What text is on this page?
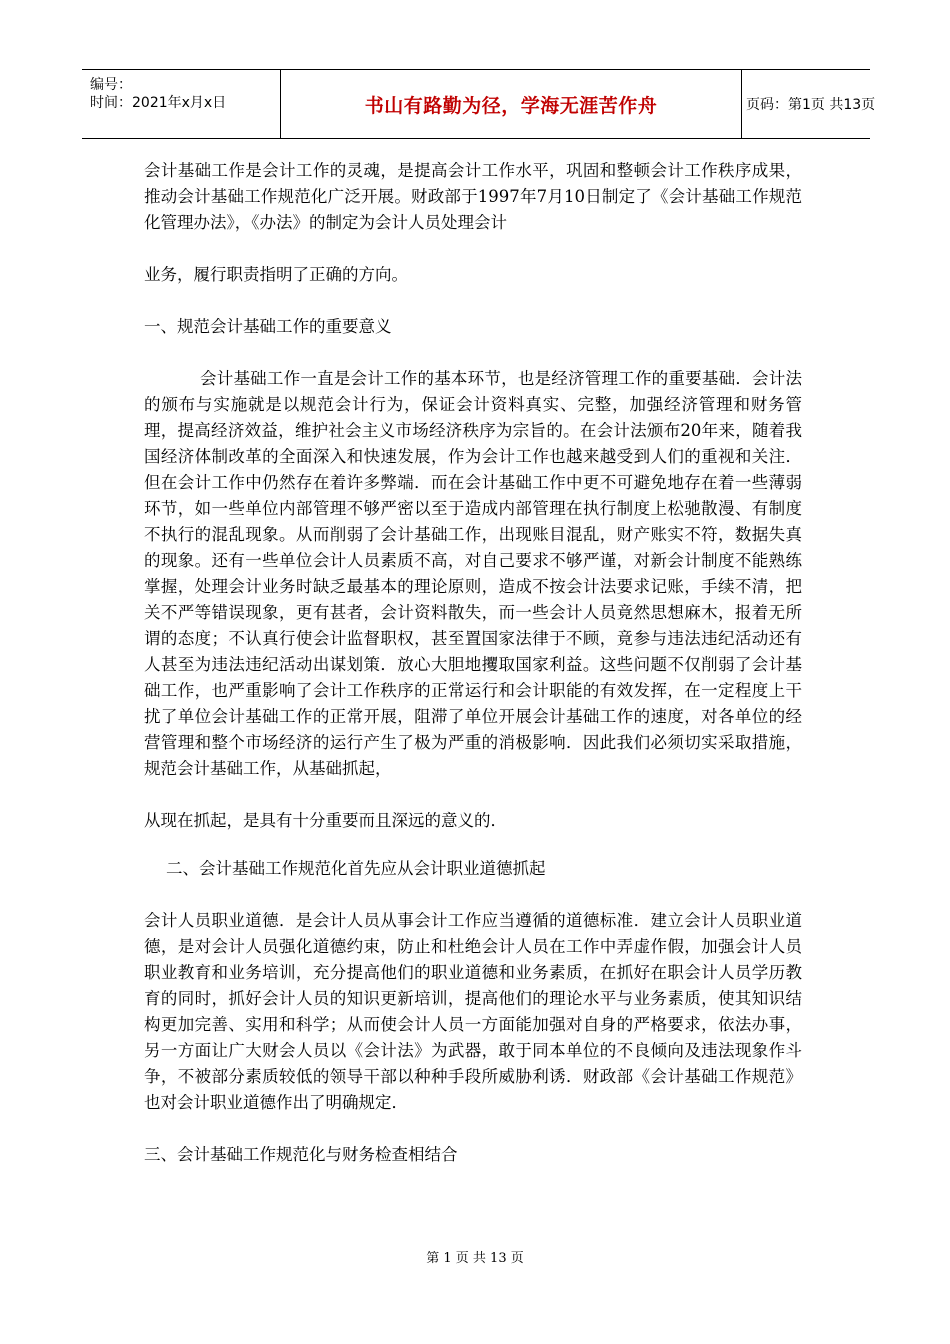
编号：
时间：2021年x月x日	书山有路勤为径，学海无涯苦作舟	页码：第1页 共13页

会计基础工作是会计工作的灵魂，是提高会计工作水平，巩固和整顿会计工作秩序成果，推动会计基础工作规范化广泛开展。财政部于1997年7月10日制定了《会计基础工作规范化管理办法》，《办法》的制定为会计人员处理会计

业务，履行职责指明了正确的方向。

一、规范会计基础工作的重要意义

会计基础工作一直是会计工作的基本环节，也是经济管理工作的重要基础．会计法的颁布与实施就是以规范会计行为，保证会计资料真实、完整，加强经济管理和财务管理，提高经济效益，维护社会主义市场经济秩序为宗旨的。在会计法颁布20年来，随着我国经济体制改革的全面深入和快速发展，作为会计工作也越来越受到人们的重视和关注．但在会计工作中仍然存在着许多弊端．而在会计基础工作中更不可避免地存在着一些薄弱环节，如一些单位内部管理不够严密以至于造成内部管理在执行制度上松驰散漫、有制度不执行的混乱现象。从而削弱了会计基础工作，出现账目混乱，财产账实不符，数据失真的现象。还有一些单位会计人员素质不高，对自己要求不够严谨，对新会计制度不能熟练掌握，处理会计业务时缺乏最基本的理论原则，造成不按会计法要求记账，手续不清，把关不严等错误现象，更有甚者，会计资料散失，而一些会计人员竟然思想麻木，报着无所谓的态度；不认真行使会计监督职权，甚至置国家法律于不顾，竟参与违法违纪活动还有人甚至为违法违纪活动出谋划策．放心大胆地攫取国家利益。这些问题不仅削弱了会计基础工作，也严重影响了会计工作秩序的正常运行和会计职能的有效发挥，在一定程度上干扰了单位会计基础工作的正常开展，阻滞了单位开展会计基础工作的速度，对各单位的经营管理和整个市场经济的运行产生了极为严重的消极影响．因此我们必须切实采取措施，规范会计基础工作，从基础抓起，

从现在抓起，是具有十分重要而且深远的意义的．

二、会计基础工作规范化首先应从会计职业道德抓起

会计人员职业道德．是会计人员从事会计工作应当遵循的道德标准．建立会计人员职业道德，是对会计人员强化道德约束，防止和杜绝会计人员在工作中弄虚作假，加强会计人员职业教育和业务培训，充分提高他们的职业道德和业务素质，在抓好在职会计人员学历教育的同时，抓好会计人员的知识更新培训，提高他们的理论水平与业务素质，使其知识结构更加完善、实用和科学；从而使会计人员一方面能加强对自身的严格要求，依法办事，另一方面让广大财会人员以《会计法》为武器，敢于同本单位的不良倾向及违法现象作斗争，不被部分素质较低的领导干部以种种手段所威胁利诱．财政部《会计基础工作规范》也对会计职业道德作出了明确规定．

三、会计基础工作规范化与财务检查相结合

第 1 页 共 13 页
